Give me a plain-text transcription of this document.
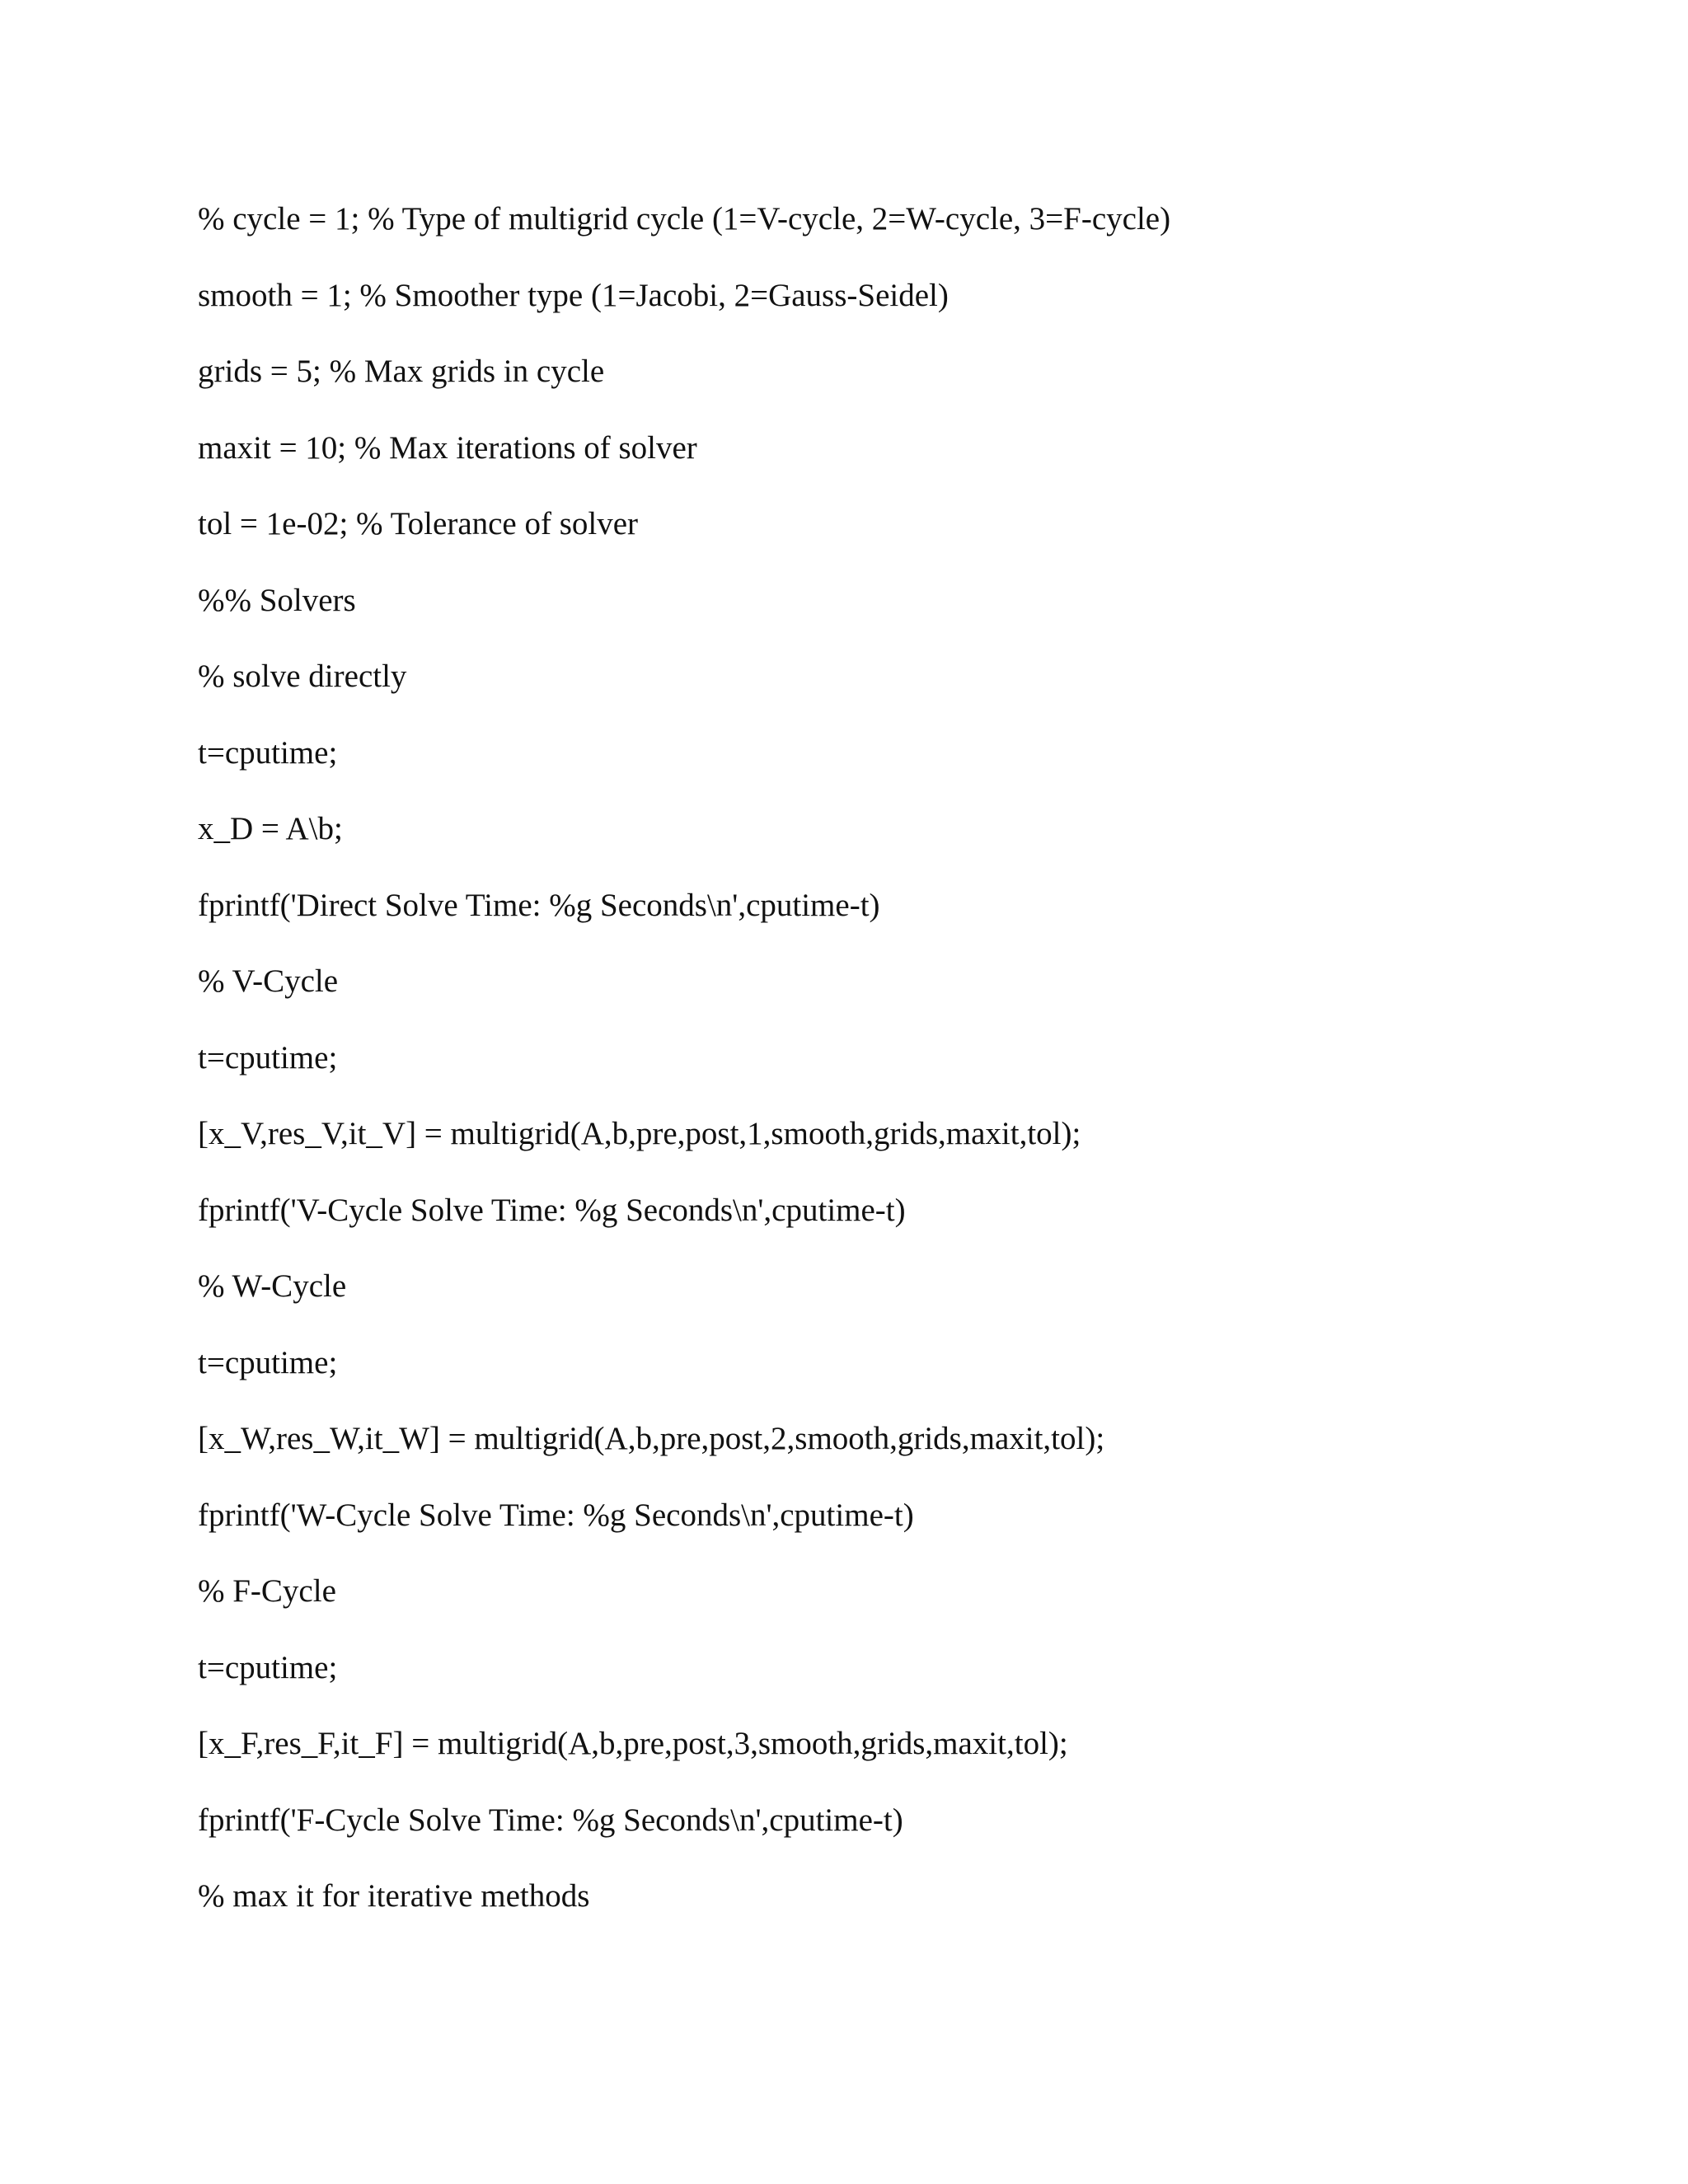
% cycle = 1; % Type of multigrid cycle (1=V-cycle, 2=W-cycle, 3=F-cycle)
smooth = 1; % Smoother type (1=Jacobi, 2=Gauss-Seidel)
grids = 5; % Max grids in cycle
maxit = 10; % Max iterations of solver
tol = 1e-02; % Tolerance of solver
%% Solvers
% solve directly
t=cputime;
x_D = A\b;
fprintf('Direct Solve Time: %g Seconds\n',cputime-t)
% V-Cycle
t=cputime;
[x_V,res_V,it_V] = multigrid(A,b,pre,post,1,smooth,grids,maxit,tol);
fprintf('V-Cycle Solve Time: %g Seconds\n',cputime-t)
% W-Cycle
t=cputime;
[x_W,res_W,it_W] = multigrid(A,b,pre,post,2,smooth,grids,maxit,tol);
fprintf('W-Cycle Solve Time: %g Seconds\n',cputime-t)
% F-Cycle
t=cputime;
[x_F,res_F,it_F] = multigrid(A,b,pre,post,3,smooth,grids,maxit,tol);
fprintf('F-Cycle Solve Time: %g Seconds\n',cputime-t)
% max it for iterative methods
